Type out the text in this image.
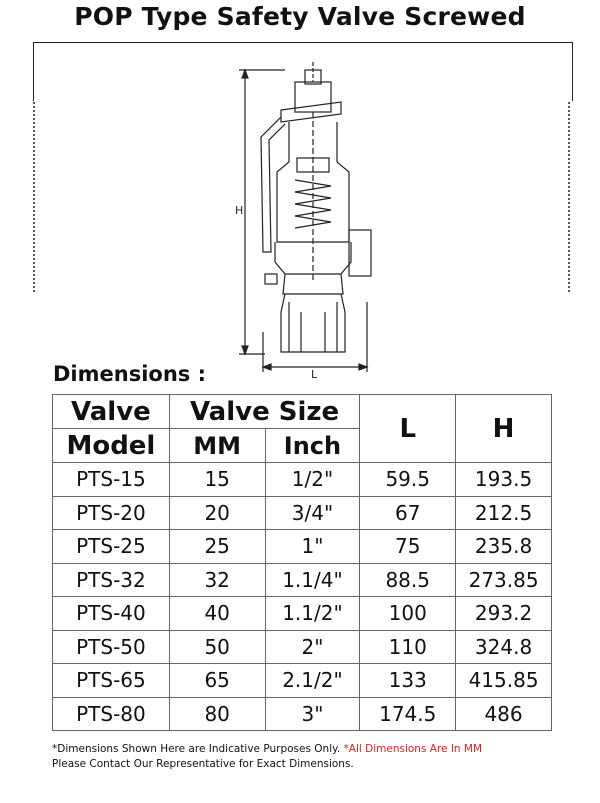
POP Type Safety Valve Screwed
H
L
Dimensions :
Valve	Valve Size		L	H
Model	MM	Inch		
PTS-15	15	1/2"	59.5	193.5
PTS-20	20	3/4"	67	212.5
PTS-25	25	1"	75	235.8
PTS-32	32	1.1/4"	88.5	273.85
PTS-40	40	1.1/2"	100	293.2
PTS-50	50	2"	110	324.8
PTS-65	65	2.1/2"	133	415.85
PTS-80	80	3"	174.5	486
*Dimensions Shown Here are Indicative Purposes Only. *All Dimensions Are In MM
Please Contact Our Representative for Exact Dimensions.
